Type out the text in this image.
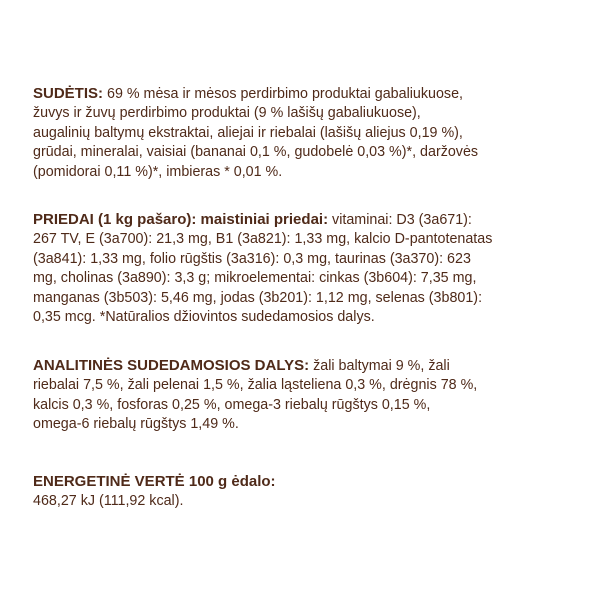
SUDĖTIS: 69 % mėsa ir mėsos perdirbimo produktai gabaliukuose,
žuvys ir žuvų perdirbimo produktai (9 % lašišų gabaliukuose),
augalinių baltymų ekstraktai, aliejai ir riebalai (lašišų aliejus 0,19 %),
grūdai, mineralai, vaisiai (bananai 0,1 %, gudobelė 0,03 %)*, daržovės
(pomidorai 0,11 %)*, imbieras * 0,01 %.
PRIEDAI (1 kg pašaro): maistiniai priedai: vitaminai: D3 (3a671):
267 TV, E (3a700): 21,3 mg, B1 (3a821): 1,33 mg, kalcio D-pantotenatas
(3a841): 1,33 mg, folio rūgštis (3a316): 0,3 mg, taurinas (3a370): 623
mg, cholinas (3a890): 3,3 g; mikroelementai: cinkas (3b604): 7,35 mg,
manganas (3b503): 5,46 mg, jodas (3b201): 1,12 mg, selenas (3b801):
0,35 mcg. *Natūralios džiovintos sudedamosios dalys.
ANALITINĖS SUDEDAMOSIOS DALYS: žali baltymai 9 %, žali
riebalai 7,5 %, žali pelenai 1,5 %, žalia ląsteliena 0,3 %, drėgnis 78 %,
kalcis 0,3 %, fosforas 0,25 %, omega-3 riebalų rūgštys 0,15 %,
omega-6 riebalų rūgštys 1,49 %.
ENERGETINĖ VERTĖ 100 g ėdalo:
468,27 kJ (111,92 kcal).
